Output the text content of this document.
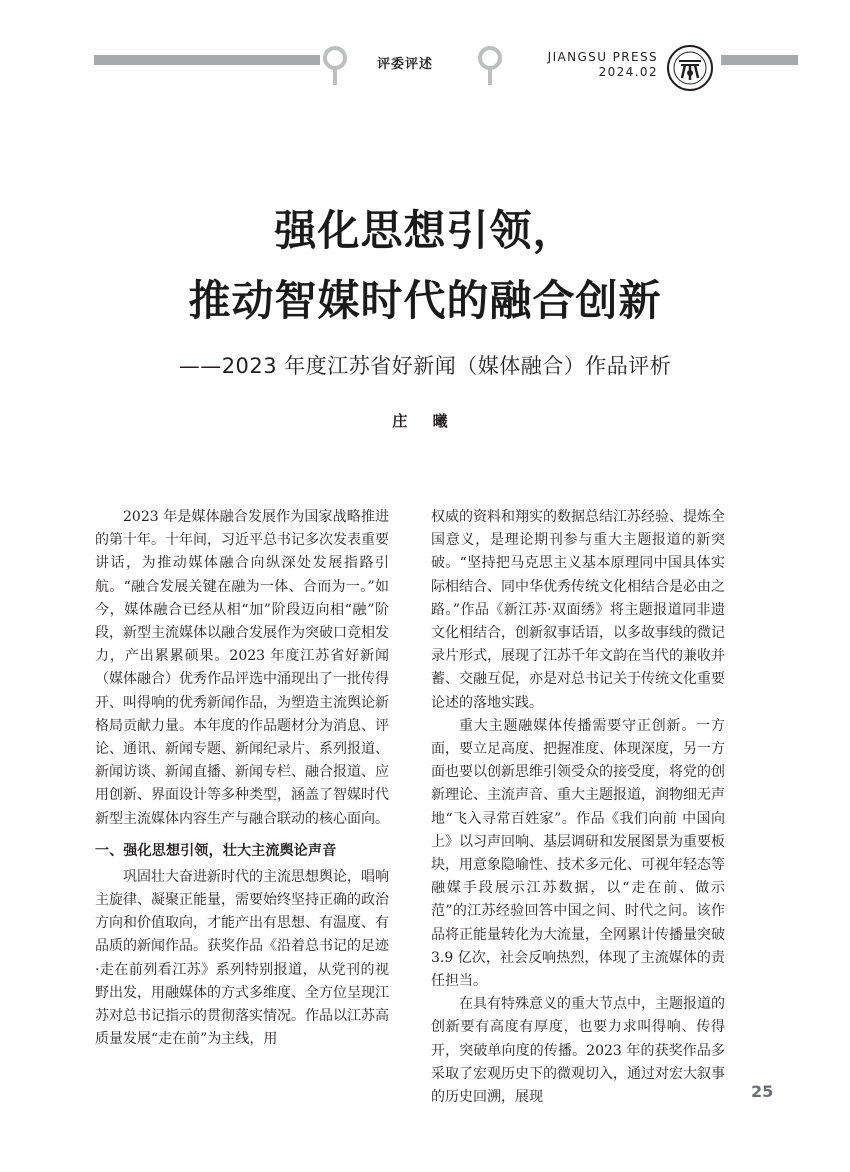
评委评述	JIANGSU PRESS
2024.02
强化思想引领，
推动智媒时代的融合创新
——2023 年度江苏省好新闻（媒体融合）作品评析
庄 曦

2023 年是媒体融合发展作为国家战略推进的第十年。十年间，习近平总书记多次发表重要讲话，为推动媒体融合向纵深处发展指路引航。“融合发展关键在融为一体、合而为一。”如今，媒体融合已经从相“加”阶段迈向相“融”阶段，新型主流媒体以融合发展作为突破口竞相发力，产出累累硕果。2023 年度江苏省好新闻（媒体融合）优秀作品评选中涌现出了一批传得开、叫得响的优秀新闻作品，为塑造主流舆论新格局贡献力量。本年度的作品题材分为消息、评论、通讯、新闻专题、新闻纪录片、系列报道、新闻访谈、新闻直播、新闻专栏、融合报道、应用创新、界面设计等多种类型，涵盖了智媒时代新型主流媒体内容生产与融合联动的核心面向。

一、强化思想引领，壮大主流舆论声音

巩固壮大奋进新时代的主流思想舆论，唱响主旋律、凝聚正能量，需要始终坚持正确的政治方向和价值取向，才能产出有思想、有温度、有品质的新闻作品。获奖作品《沿着总书记的足迹·走在前列看江苏》系列特别报道，从党刊的视野出发，用融媒体的方式多维度、全方位呈现江苏对总书记指示的贯彻落实情况。作品以江苏高质量发展“走在前”为主线，用

权威的资料和翔实的数据总结江苏经验、提炼全国意义，是理论期刊参与重大主题报道的新突破。“坚持把马克思主义基本原理同中国具体实际相结合、同中华优秀传统文化相结合是必由之路。”作品《新江苏·双面绣》将主题报道同非遗文化相结合，创新叙事话语，以多故事线的微记录片形式，展现了江苏千年文韵在当代的兼收并蓄、交融互促，亦是对总书记关于传统文化重要论述的落地实践。

重大主题融媒体传播需要守正创新。一方面，要立足高度、把握准度、体现深度，另一方面也要以创新思维引领受众的接受度，将党的创新理论、主流声音、重大主题报道，润物细无声地“飞入寻常百姓家”。作品《我们向前 中国向上》以习声回响、基层调研和发展图景为重要板块，用意象隐喻性、技术多元化、可视年轻态等融媒手段展示江苏数据，以“走在前、做示范”的江苏经验回答中国之问、时代之问。该作品将正能量转化为大流量，全网累计传播量突破 3.9 亿次，社会反响热烈，体现了主流媒体的责任担当。

在具有特殊意义的重大节点中，主题报道的创新要有高度有厚度，也要力求叫得响、传得开，突破单向度的传播。2023 年的获奖作品多采取了宏观历史下的微观切入，通过对宏大叙事的历史回溯，展现	25
